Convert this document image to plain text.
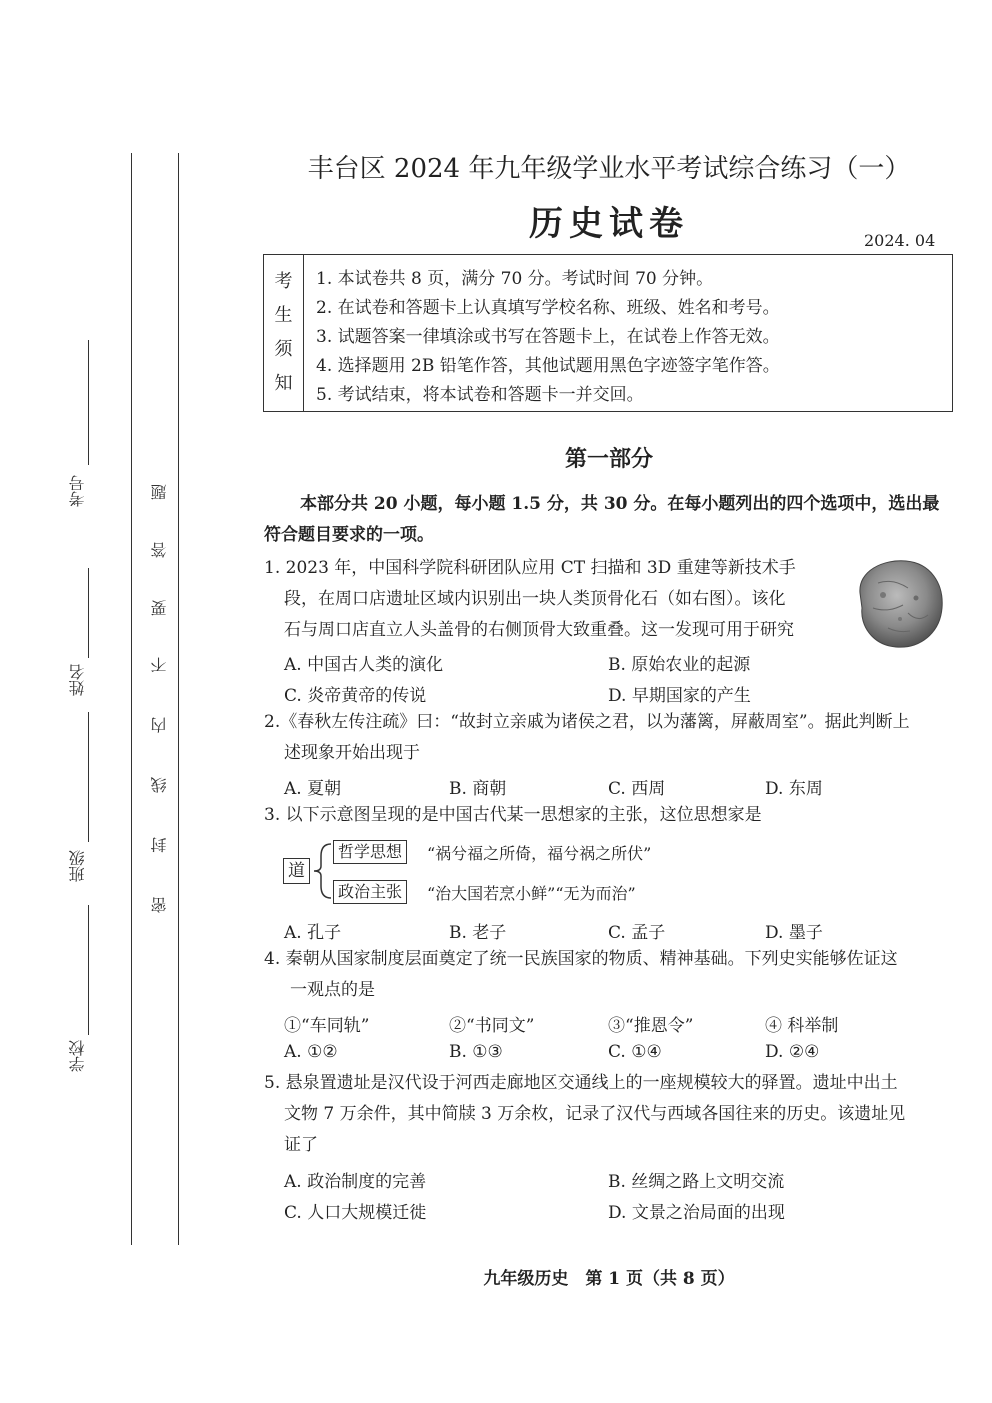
考号
姓名
班级
学校
密
封
线
内
不
要
答
题
丰台区 2024 年九年级学业水平考试综合练习（一）
历史试卷	2024. 04
考
生
须
知
1. 本试卷共 8 页，满分 70 分。考试时间 70 分钟。
2. 在试卷和答题卡上认真填写学校名称、班级、姓名和考号。
3. 试题答案一律填涂或书写在答题卡上，在试卷上作答无效。
4. 选择题用 2B 铅笔作答，其他试题用黑色字迹签字笔作答。
5. 考试结束，将本试卷和答题卡一并交回。
第一部分
本部分共 20 小题，每小题 1.5 分，共 30 分。在每小题列出的四个选项中，选出最符合题目要求的一项。
1. 2023 年，中国科学院科研团队应用 CT 扫描和 3D 重建等新技术手
段，在周口店遗址区域内识别出一块人类顶骨化石（如右图）。该化
石与周口店直立人头盖骨的右侧顶骨大致重叠。这一发现可用于研究
A. 中国古人类的演化	B. 原始农业的起源
C. 炎帝黄帝的传说	D. 早期国家的产生
2.《春秋左传注疏》曰：“故封立亲戚为诸侯之君，以为藩篱，屏蔽周室”。据此判断上
述现象开始出现于
A. 夏朝	B. 商朝	C. 西周	D. 东周
3. 以下示意图呈现的是中国古代某一思想家的主张，这位思想家是
道
哲学思想	“祸兮福之所倚，福兮祸之所伏”
政治主张	“治大国若烹小鲜”“无为而治”
A. 孔子	B. 老子	C. 孟子	D. 墨子
4. 秦朝从国家制度层面奠定了统一民族国家的物质、精神基础。下列史实能够佐证这
一观点的是
①“车同轨”	②“书同文”	③“推恩令”	④ 科举制
A. ①②	B. ①③	C. ①④	D. ②④
5. 悬泉置遗址是汉代设于河西走廊地区交通线上的一座规模较大的驿置。遗址中出土
文物 7 万余件，其中简牍 3 万余枚，记录了汉代与西域各国往来的历史。该遗址见
证了
A. 政治制度的完善	B. 丝绸之路上文明交流
C. 人口大规模迁徙	D. 文景之治局面的出现
九年级历史　第 1 页（共 8 页）
